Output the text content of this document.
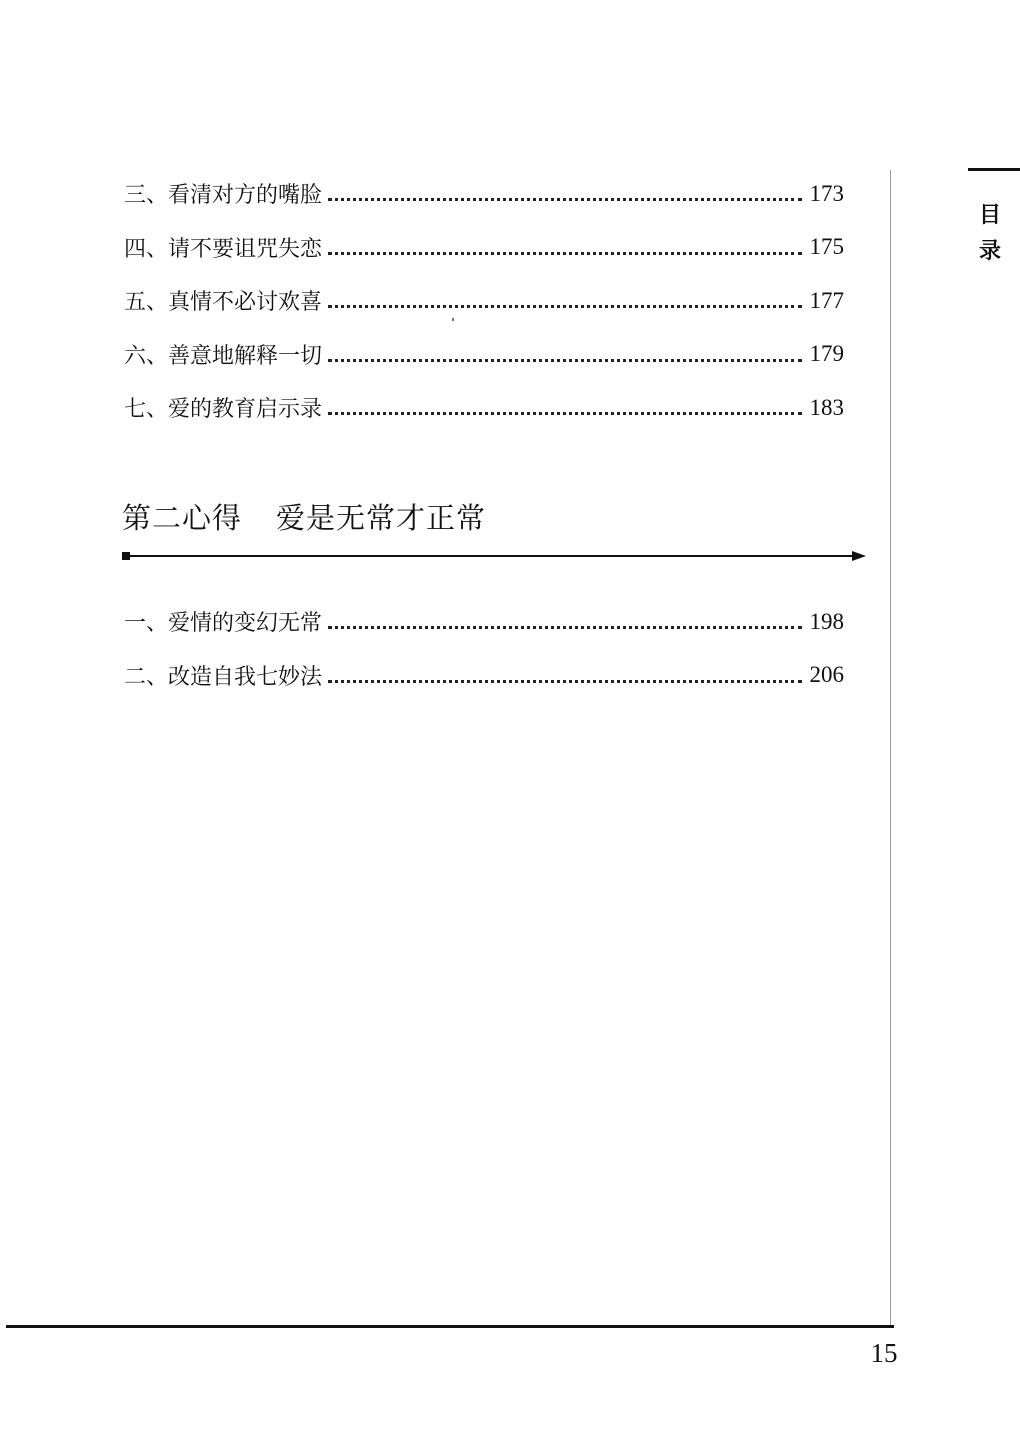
目
录
三、看清对方的嘴脸	173
四、请不要诅咒失恋	175
五、真情不必讨欢喜	177
六、善意地解释一切	179
七、爱的教育启示录	183
第二心得 爱是无常才正常
一、爱情的变幻无常	198
二、改造自我七妙法	206
15
